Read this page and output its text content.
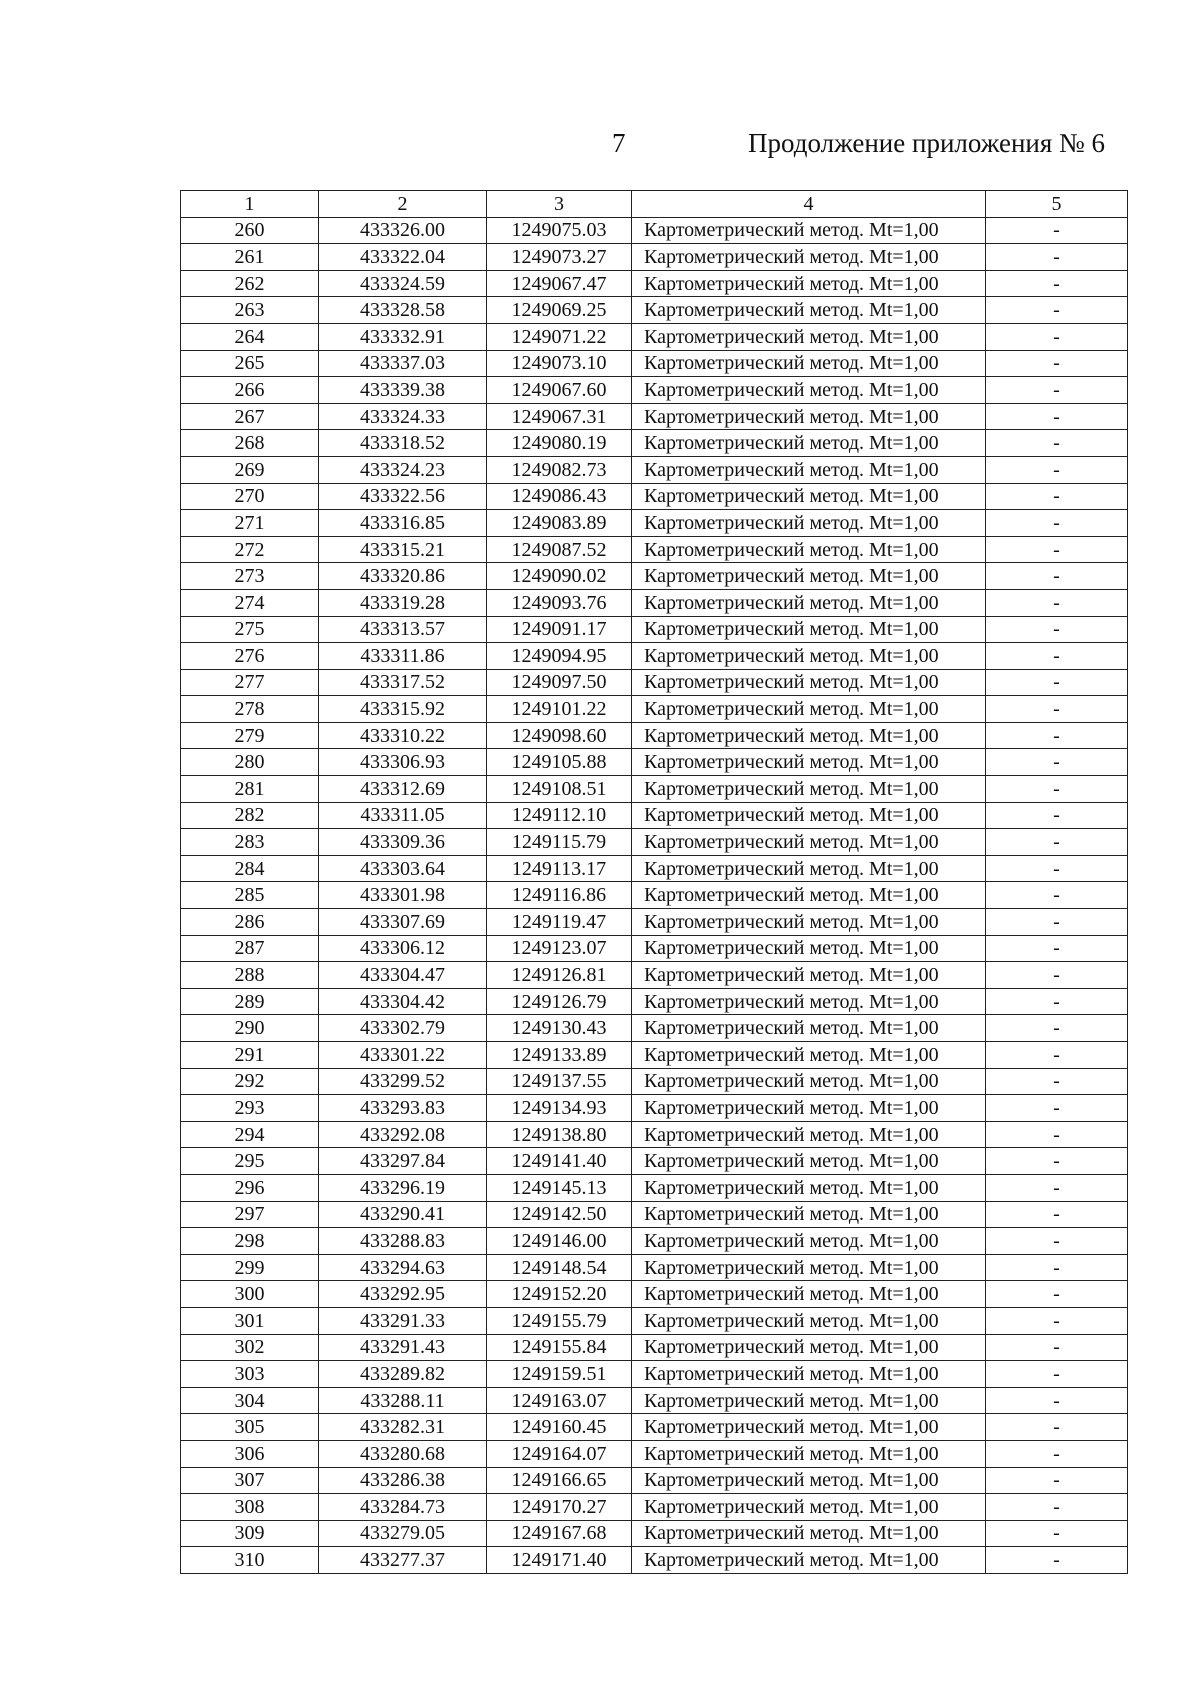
7	Продолжение приложения № 6
1	2	3	4	5
260	433326.00	1249075.03	Картометрический метод. Mt=1,00	-
261	433322.04	1249073.27	Картометрический метод. Mt=1,00	-
262	433324.59	1249067.47	Картометрический метод. Mt=1,00	-
263	433328.58	1249069.25	Картометрический метод. Mt=1,00	-
264	433332.91	1249071.22	Картометрический метод. Mt=1,00	-
265	433337.03	1249073.10	Картометрический метод. Mt=1,00	-
266	433339.38	1249067.60	Картометрический метод. Mt=1,00	-
267	433324.33	1249067.31	Картометрический метод. Mt=1,00	-
268	433318.52	1249080.19	Картометрический метод. Mt=1,00	-
269	433324.23	1249082.73	Картометрический метод. Mt=1,00	-
270	433322.56	1249086.43	Картометрический метод. Mt=1,00	-
271	433316.85	1249083.89	Картометрический метод. Mt=1,00	-
272	433315.21	1249087.52	Картометрический метод. Mt=1,00	-
273	433320.86	1249090.02	Картометрический метод. Mt=1,00	-
274	433319.28	1249093.76	Картометрический метод. Mt=1,00	-
275	433313.57	1249091.17	Картометрический метод. Mt=1,00	-
276	433311.86	1249094.95	Картометрический метод. Mt=1,00	-
277	433317.52	1249097.50	Картометрический метод. Mt=1,00	-
278	433315.92	1249101.22	Картометрический метод. Mt=1,00	-
279	433310.22	1249098.60	Картометрический метод. Mt=1,00	-
280	433306.93	1249105.88	Картометрический метод. Mt=1,00	-
281	433312.69	1249108.51	Картометрический метод. Mt=1,00	-
282	433311.05	1249112.10	Картометрический метод. Mt=1,00	-
283	433309.36	1249115.79	Картометрический метод. Mt=1,00	-
284	433303.64	1249113.17	Картометрический метод. Mt=1,00	-
285	433301.98	1249116.86	Картометрический метод. Mt=1,00	-
286	433307.69	1249119.47	Картометрический метод. Mt=1,00	-
287	433306.12	1249123.07	Картометрический метод. Mt=1,00	-
288	433304.47	1249126.81	Картометрический метод. Mt=1,00	-
289	433304.42	1249126.79	Картометрический метод. Mt=1,00	-
290	433302.79	1249130.43	Картометрический метод. Mt=1,00	-
291	433301.22	1249133.89	Картометрический метод. Mt=1,00	-
292	433299.52	1249137.55	Картометрический метод. Mt=1,00	-
293	433293.83	1249134.93	Картометрический метод. Mt=1,00	-
294	433292.08	1249138.80	Картометрический метод. Mt=1,00	-
295	433297.84	1249141.40	Картометрический метод. Mt=1,00	-
296	433296.19	1249145.13	Картометрический метод. Mt=1,00	-
297	433290.41	1249142.50	Картометрический метод. Mt=1,00	-
298	433288.83	1249146.00	Картометрический метод. Mt=1,00	-
299	433294.63	1249148.54	Картометрический метод. Mt=1,00	-
300	433292.95	1249152.20	Картометрический метод. Mt=1,00	-
301	433291.33	1249155.79	Картометрический метод. Mt=1,00	-
302	433291.43	1249155.84	Картометрический метод. Mt=1,00	-
303	433289.82	1249159.51	Картометрический метод. Mt=1,00	-
304	433288.11	1249163.07	Картометрический метод. Mt=1,00	-
305	433282.31	1249160.45	Картометрический метод. Mt=1,00	-
306	433280.68	1249164.07	Картометрический метод. Mt=1,00	-
307	433286.38	1249166.65	Картометрический метод. Mt=1,00	-
308	433284.73	1249170.27	Картометрический метод. Mt=1,00	-
309	433279.05	1249167.68	Картометрический метод. Mt=1,00	-
310	433277.37	1249171.40	Картометрический метод. Mt=1,00	-
